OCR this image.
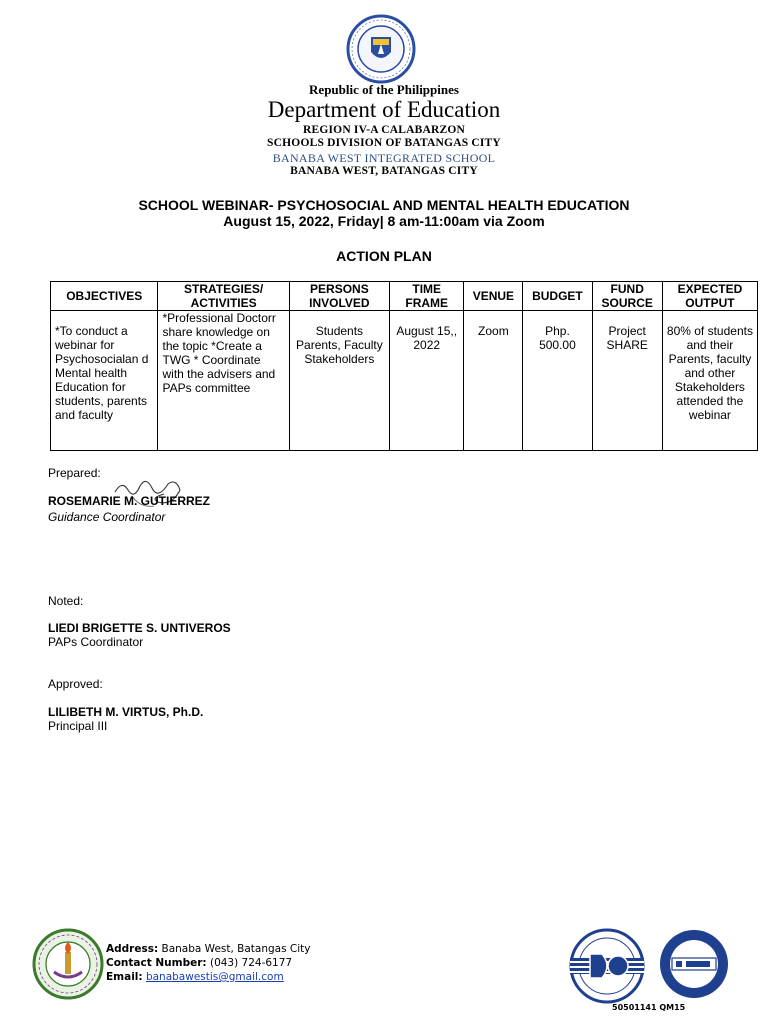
Republic of the Philippines
Department of Education
REGION IV-A CALABARZON
SCHOOLS DIVISION OF BATANGAS CITY
BANABA WEST INTEGRATED SCHOOL
BANABA WEST, BATANGAS CITY
SCHOOL WEBINAR- PSYCHOSOCIAL AND MENTAL HEALTH EDUCATION
August 15, 2022, Friday| 8 am-11:00am via Zoom
ACTION PLAN
OBJECTIVES	STRATEGIES/ ACTIVITIES	PERSONS INVOLVED	TIME FRAME	VENUE	BUDGET	FUND SOURCE	EXPECTED OUTPUT
*To conduct a webinar for Psychosocialan d Mental health Education for students, parents and faculty	*Professional Doctorr share knowledge on the topic *Create a TWG * Coordinate with the advisers and PAPs committee	Students Parents, Faculty Stakeholders	August 15,, 2022	Zoom	Php. 500.00	Project SHARE	80% of students and their Parents, faculty and other Stakeholders attended the webinar
Prepared:
ROSEMARIE M. GUTIERREZ
Guidance Coordinator
Noted:
LIEDI BRIGETTE S. UNTIVEROS
PAPs Coordinator
Approved:
LILIBETH M. VIRTUS, Ph.D.
Principal III
Address: Banaba West, Batangas City
Contact Number: (043) 724-6177
Email: banabawestis@gmail.com
50501141 QM15
